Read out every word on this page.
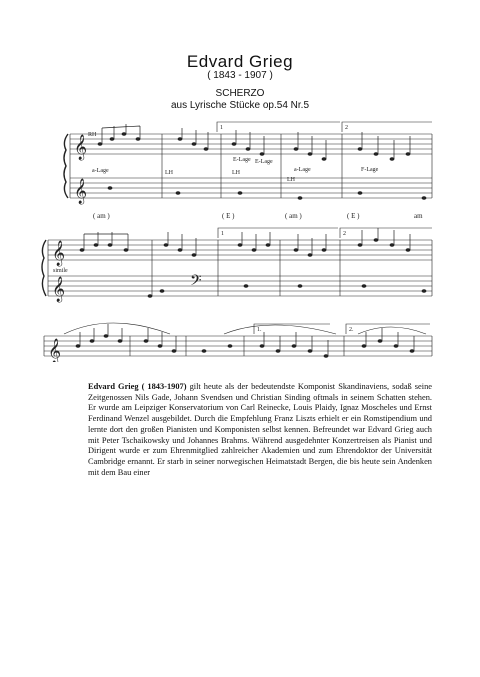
Edvard Grieg
( 1843 - 1907 )
SCHERZO
aus Lyrische Stücke op.54 Nr.5
𝄞
𝄞
RH
LH	LH
LH
a-Lage
E-Lage
a-Lage
E-Lage
F-Lage
1	2
( am )	( E )	( am )	( E )	am
𝄞
𝄞	𝄢
simile
2
1
𝄞
1.	2.
Edvard Grieg ( 1843-1907) gilt heute als der bedeutendste Komponist Skandinaviens, sodaß seine Zeitgenossen Nils Gade, Johann Svendsen und Christian Sinding oftmals in seinem Schatten stehen. Er wurde am Leipziger Konservatorium von Carl Reinecke, Louis Plaidy, Ignaz Moscheles und Ernst Ferdinand Wenzel ausgebildet. Durch die Empfehlung Franz Liszts erhielt er ein Romstipendium und lernte dort den großen Pianisten und Komponisten selbst kennen. Befreundet war Edvard Grieg auch mit Peter Tschaikowsky und Johannes Brahms. Während ausgedehnter Konzertreisen als Pianist und Dirigent wurde er zum Ehrenmitglied zahlreicher Akademien und zum Ehrendoktor der Universität Cambridge ernannt. Er starb in seiner norwegischen Heimatstadt Bergen, die bis heute sein Andenken mit dem Bau einer
